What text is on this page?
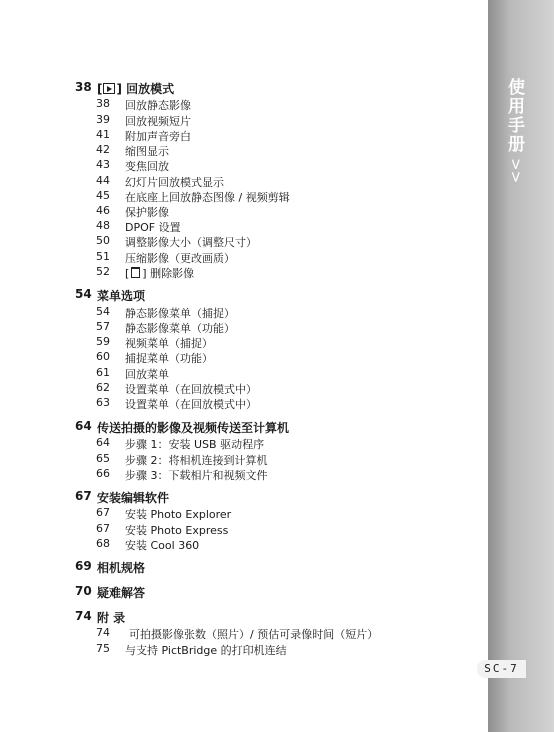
使用手册
>>
SC-7
38 [ ] 回放模式
38	回放静态影像
39	回放视频短片
41	附加声音旁白
42	缩图显示
43	变焦回放
44	幻灯片回放模式显示
45	在底座上回放静态图像 / 视频剪辑
46	保护影像
48	DPOF 设置
50	调整影像大小（调整尺寸）
51	压缩影像（更改画质）
52	[ ] 删除影像
54 菜单选项
54	静态影像菜单（捕捉）
57	静态影像菜单（功能）
59	视频菜单（捕捉）
60	捕捉菜单（功能）
61	回放菜单
62	设置菜单（在回放模式中）
63	设置菜单（在回放模式中）
64 传送拍摄的影像及视频传送至计算机
64	步骤 1：安装 USB 驱动程序
65	步骤 2：将相机连接到计算机
66	步骤 3：下载相片和视频文件
67 安装编辑软件
67	安装 Photo Explorer
67	安装 Photo Express
68	安装 Cool 360
69 相机规格
70 疑难解答
74 附 录
74	可拍摄影像张数（照片）/ 预估可录像时间（短片）
75	与支持 PictBridge 的打印机连结
